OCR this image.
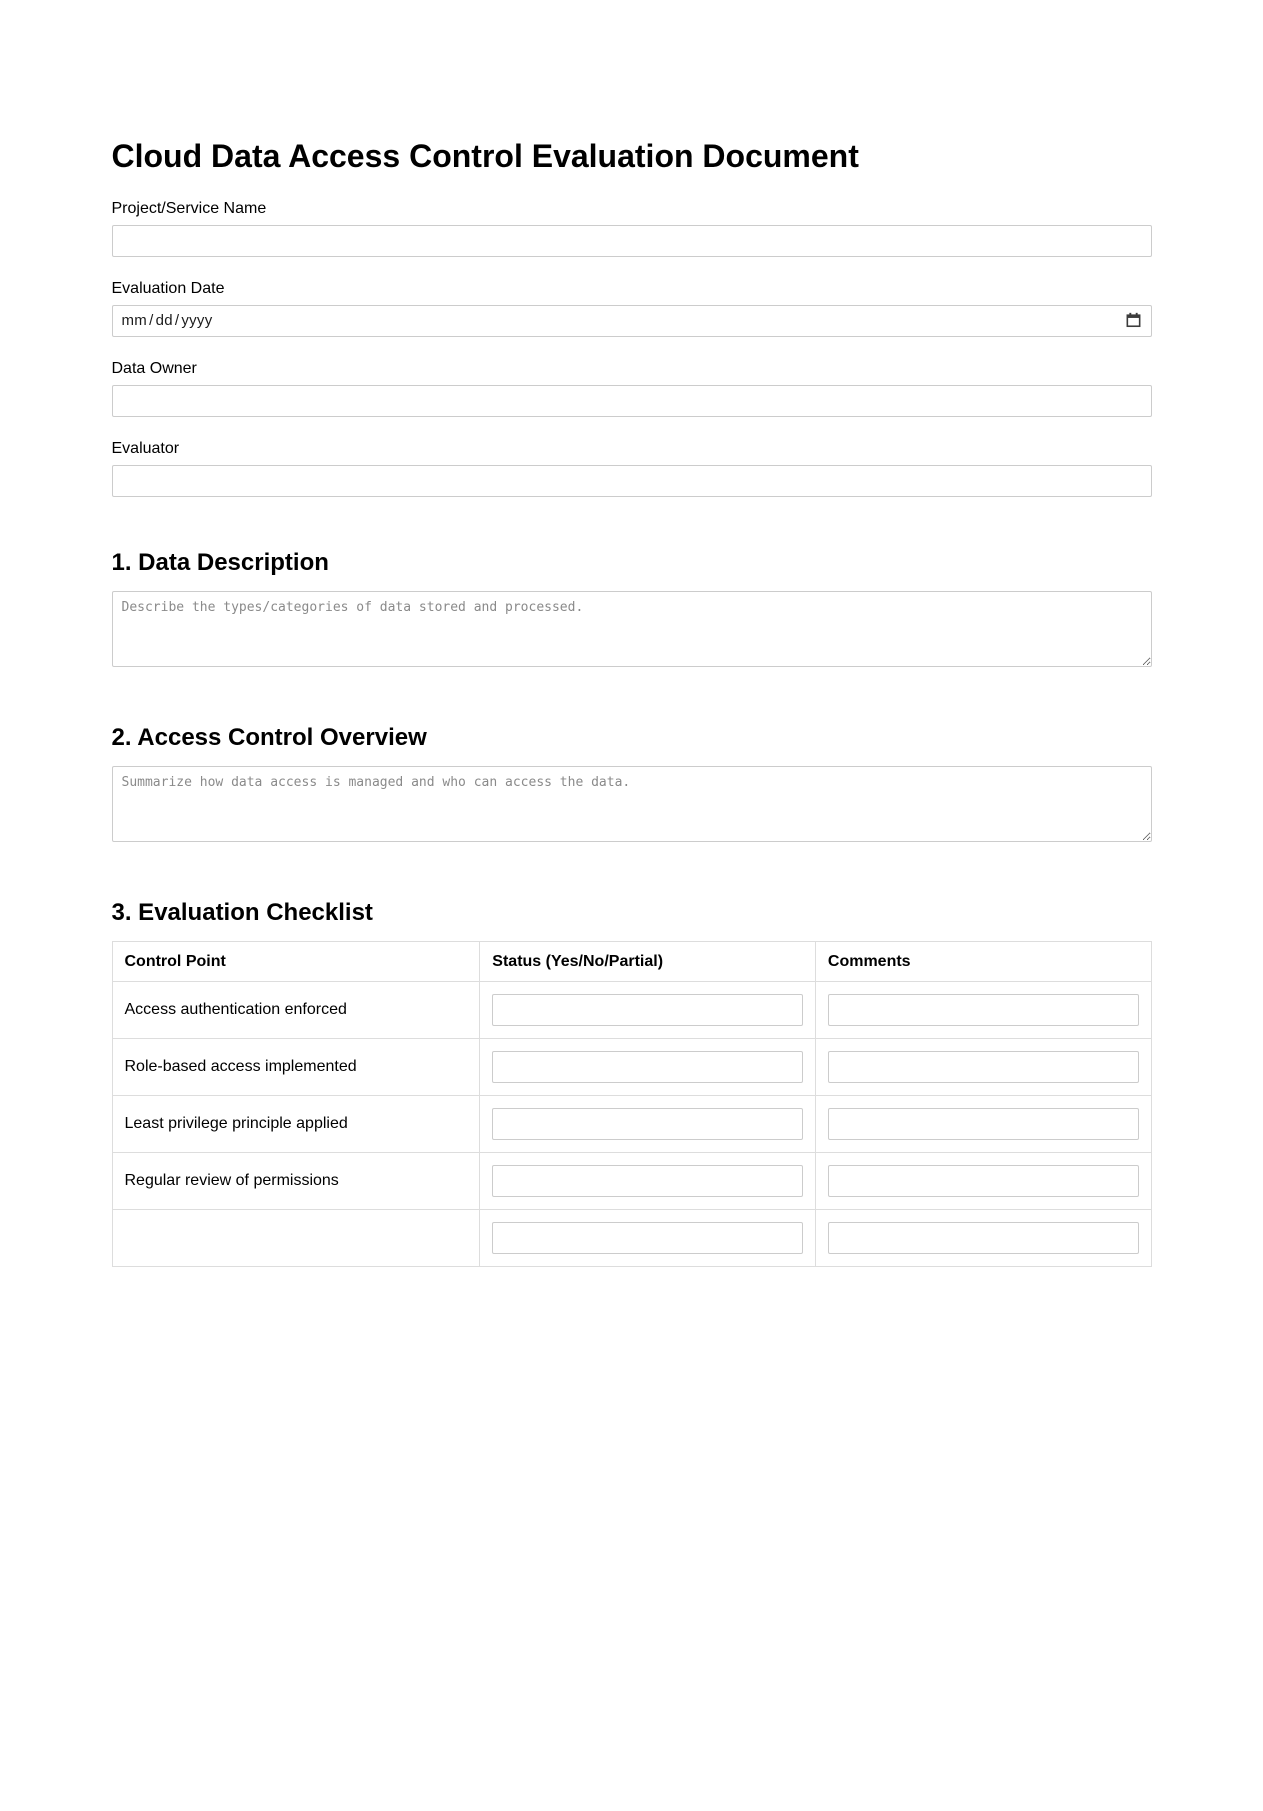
Cloud Data Access Control Evaluation Document
Project/Service Name
Evaluation Date
mm / dd / yyyy
Data Owner
Evaluator
1. Data Description
Describe the types/categories of data stored and processed.
2. Access Control Overview
Summarize how data access is managed and who can access the data.
3. Evaluation Checklist
Control Point	Status (Yes/No/Partial)	Comments
Access authentication enforced		
Role-based access implemented		
Least privilege principle applied		
Regular review of permissions		
